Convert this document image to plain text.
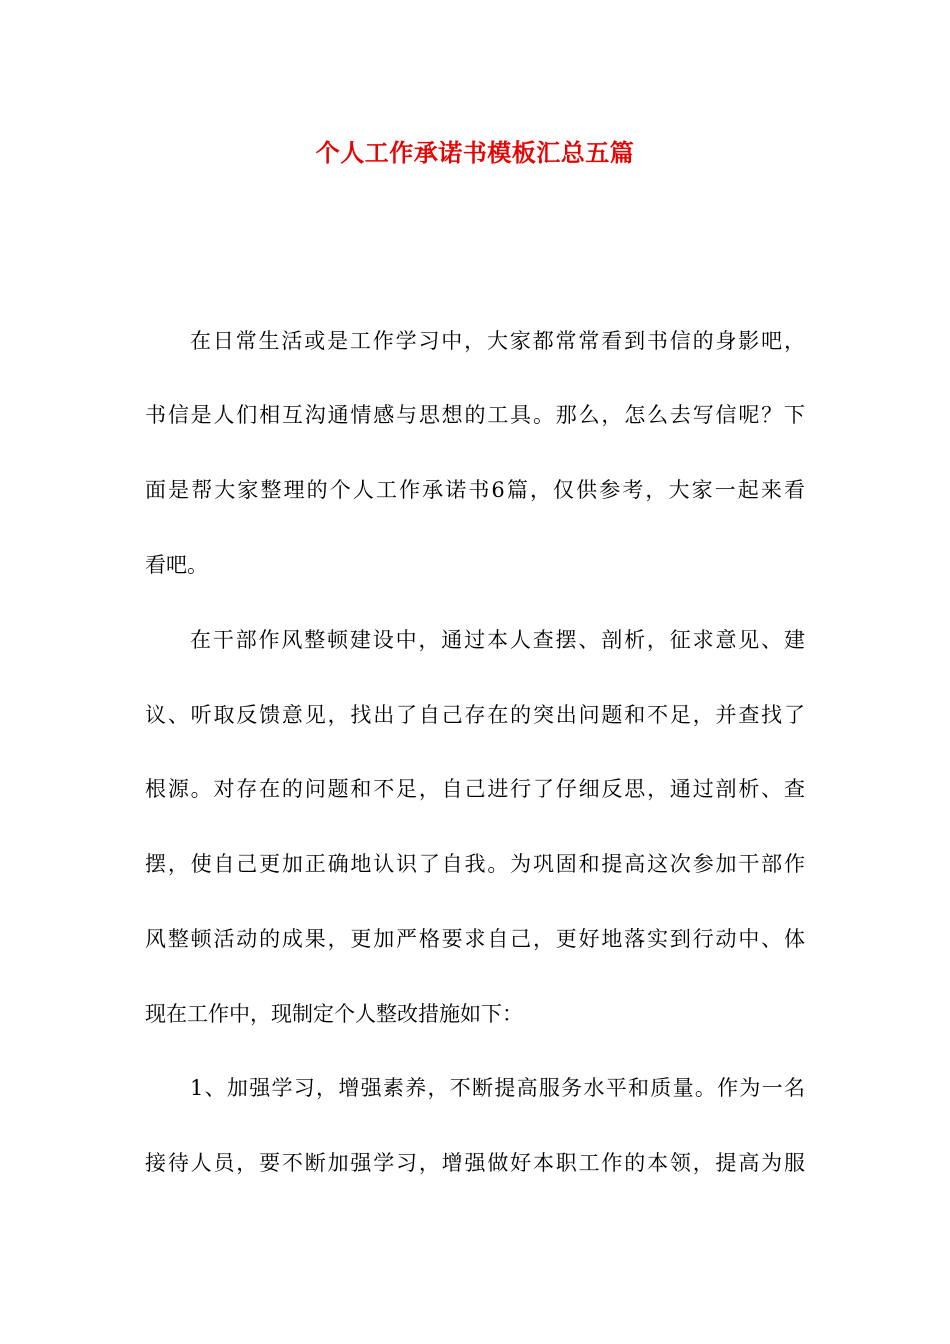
个人工作承诺书模板汇总五篇
在日常生活或是工作学习中，大家都常常看到书信的身影吧，
书信是人们相互沟通情感与思想的工具。那么，怎么去写信呢？下
面是帮大家整理的个人工作承诺书6篇，仅供参考，大家一起来看
看吧。
在干部作风整顿建设中，通过本人查摆、剖析，征求意见、建
议、听取反馈意见，找出了自己存在的突出问题和不足，并查找了
根源。对存在的问题和不足，自己进行了仔细反思，通过剖析、查
摆，使自己更加正确地认识了自我。为巩固和提高这次参加干部作
风整顿活动的成果，更加严格要求自己，更好地落实到行动中、体
现在工作中，现制定个人整改措施如下：
1、加强学习，增强素养，不断提高服务水平和质量。作为一名
接待人员，要不断加强学习，增强做好本职工作的本领，提高为服
